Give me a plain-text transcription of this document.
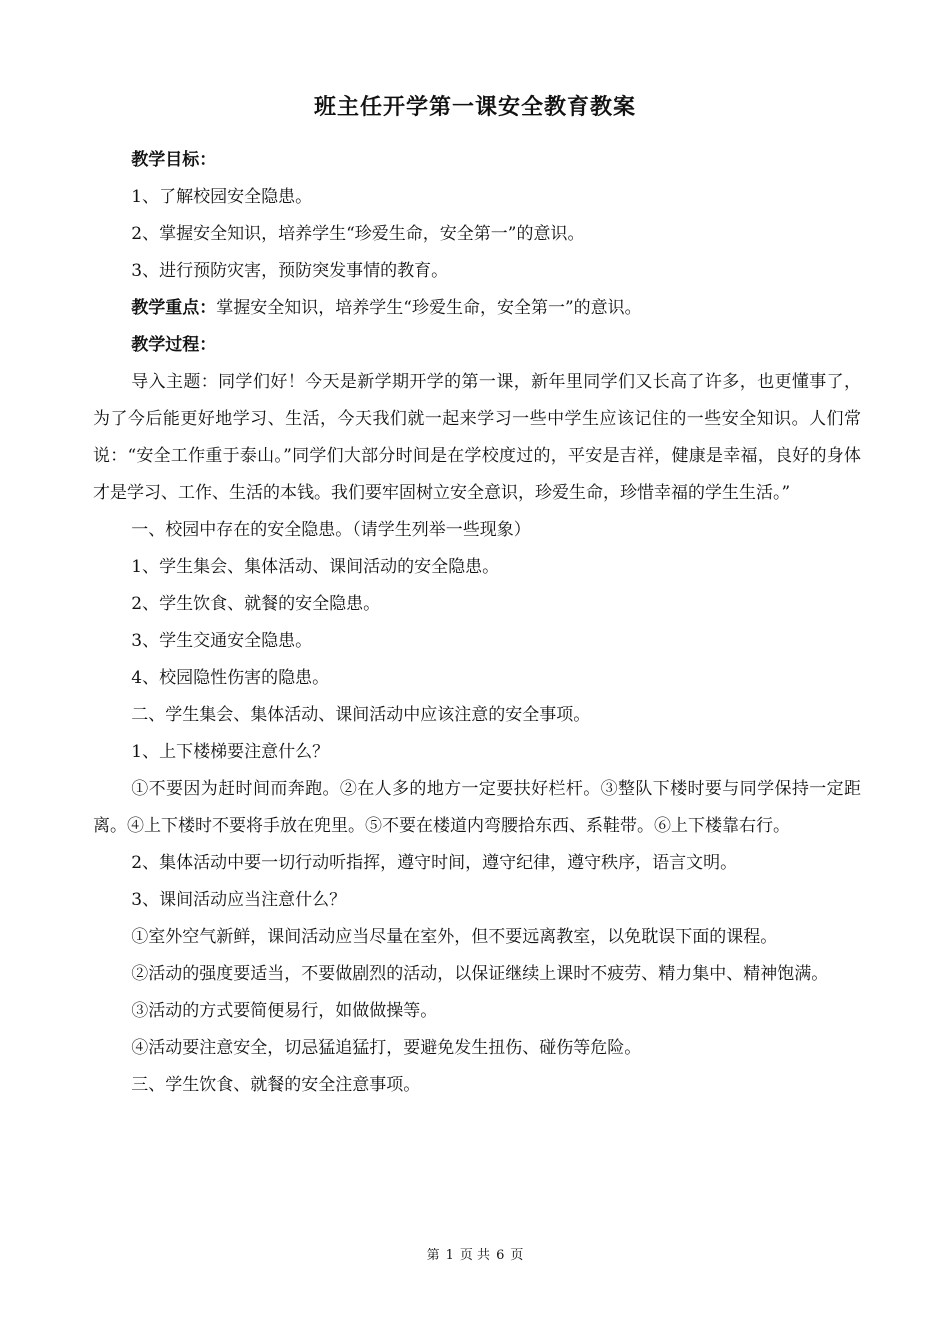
班主任开学第一课安全教育教案

教学目标：

1、了解校园安全隐患。

2、掌握安全知识，培养学生“珍爱生命，安全第一”的意识。

3、进行预防灾害，预防突发事情的教育。

教学重点：掌握安全知识，培养学生“珍爱生命，安全第一”的意识。

教学过程：

导入主题：同学们好！今天是新学期开学的第一课，新年里同学们又长高了许多，也更懂事了，为了今后能更好地学习、生活，今天我们就一起来学习一些中学生应该记住的一些安全知识。人们常说：“安全工作重于泰山。”同学们大部分时间是在学校度过的，平安是吉祥，健康是幸福，良好的身体才是学习、工作、生活的本钱。我们要牢固树立安全意识，珍爱生命，珍惜幸福的学生生活。”

一、校园中存在的安全隐患。（请学生列举一些现象）

1、学生集会、集体活动、课间活动的安全隐患。

2、学生饮食、就餐的安全隐患。

3、学生交通安全隐患。

4、校园隐性伤害的隐患。

二、学生集会、集体活动、课间活动中应该注意的安全事项。

1、上下楼梯要注意什么？

①不要因为赶时间而奔跑。②在人多的地方一定要扶好栏杆。③整队下楼时要与同学保持一定距离。④上下楼时不要将手放在兜里。⑤不要在楼道内弯腰拾东西、系鞋带。⑥上下楼靠右行。

2、集体活动中要一切行动听指挥，遵守时间，遵守纪律，遵守秩序，语言文明。

3、课间活动应当注意什么？

①室外空气新鲜，课间活动应当尽量在室外，但不要远离教室，以免耽误下面的课程。

②活动的强度要适当，不要做剧烈的活动，以保证继续上课时不疲劳、精力集中、精神饱满。

③活动的方式要简便易行，如做做操等。

④活动要注意安全，切忌猛追猛打，要避免发生扭伤、碰伤等危险。

三、学生饮食、就餐的安全注意事项。

第 1 页 共 6 页
